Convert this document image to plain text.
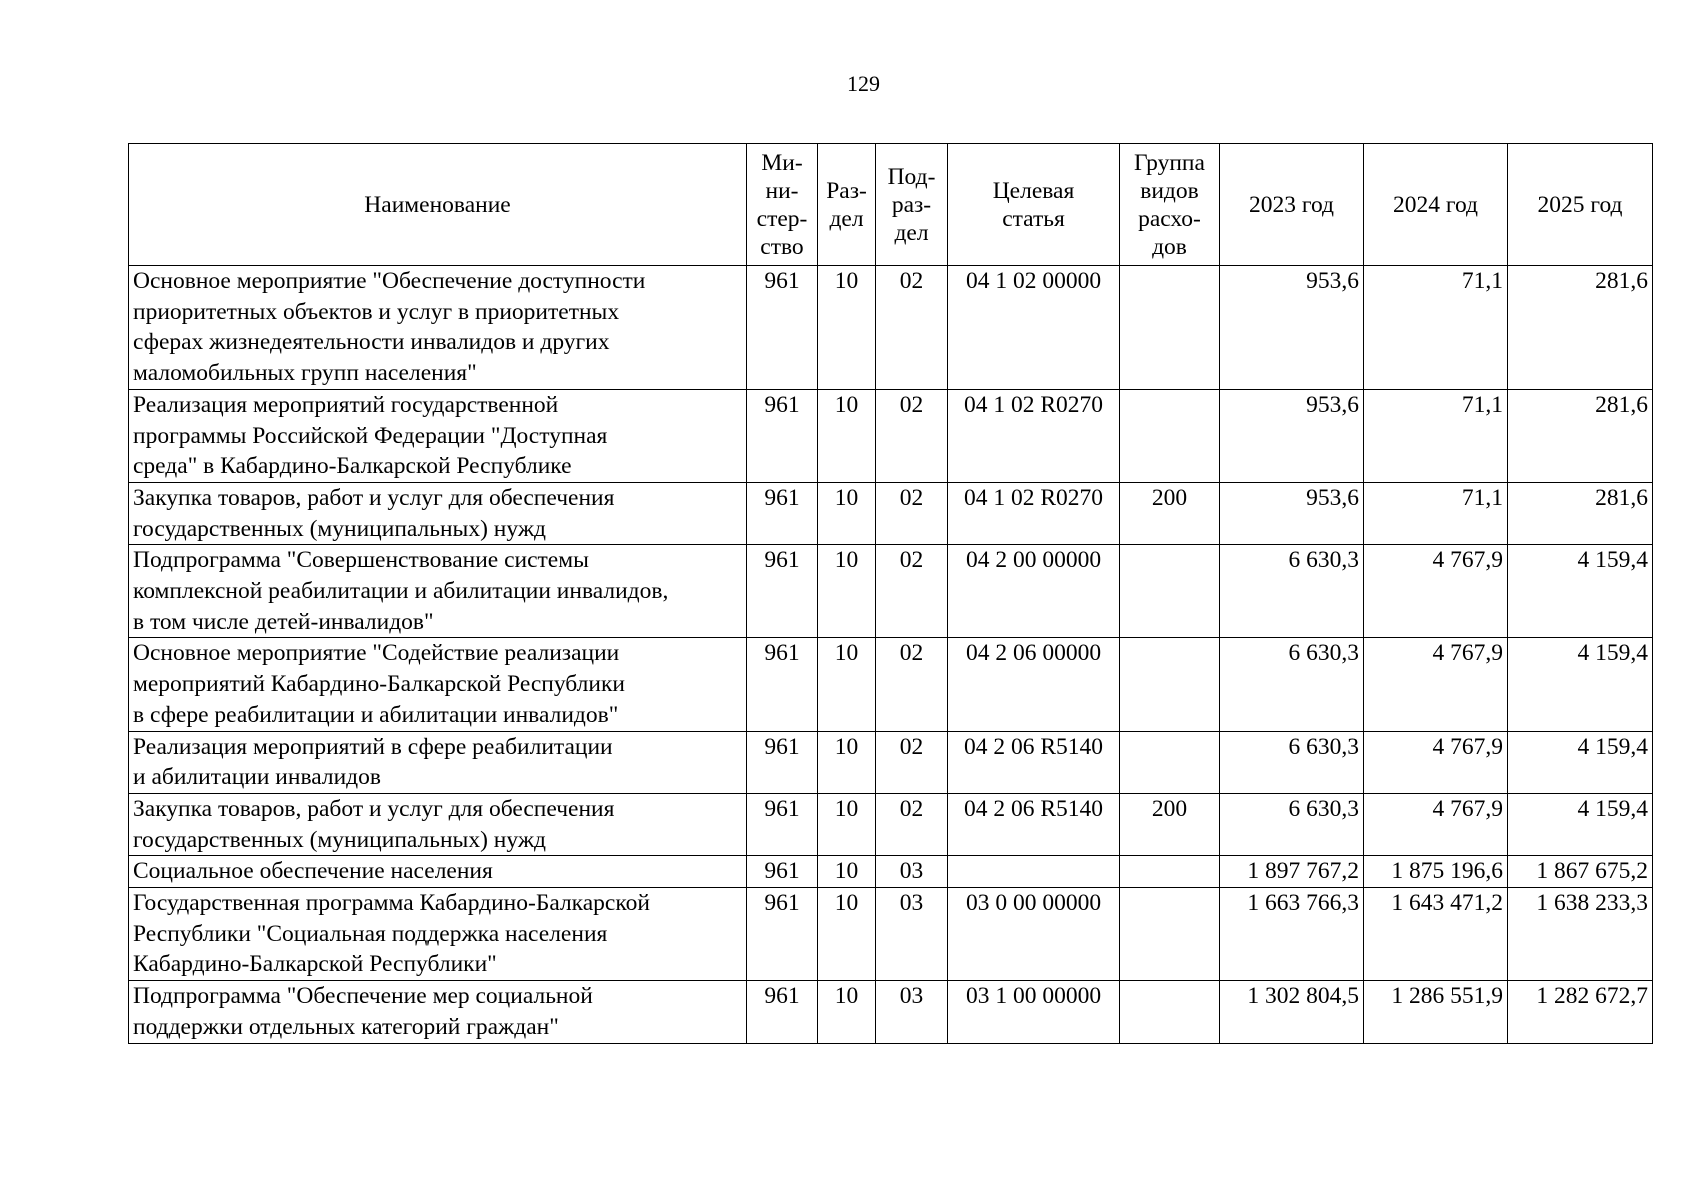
129
Наименование	Ми-
ни-
стер-
ство	Раз-
дел	Под-
раз-
дел	Целевая
статья	Группа
видов
расхо-
дов	2023 год	2024 год	2025 год

Основное мероприятие "Обеспечение доступности
приоритетных объектов и услуг в приоритетных
сферах жизнедеятельности инвалидов и других
маломобильных групп населения"	961	10	02	04 1 02 00000		953,6	71,1	281,6

Реализация мероприятий государственной
программы Российской Федерации "Доступная
среда" в Кабардино-Балкарской Республике	961	10	02	04 1 02 R0270		953,6	71,1	281,6

Закупка товаров, работ и услуг для обеспечения
государственных (муниципальных) нужд	961	10	02	04 1 02 R0270	200	953,6	71,1	281,6

Подпрограмма "Совершенствование системы
комплексной реабилитации и абилитации инвалидов,
в том числе детей-инвалидов"	961	10	02	04 2 00 00000		6 630,3	4 767,9	4 159,4

Основное мероприятие "Содействие реализации
мероприятий Кабардино-Балкарской Республики
в сфере реабилитации и абилитации инвалидов"	961	10	02	04 2 06 00000		6 630,3	4 767,9	4 159,4

Реализация мероприятий в сфере реабилитации
и абилитации инвалидов	961	10	02	04 2 06 R5140		6 630,3	4 767,9	4 159,4

Закупка товаров, работ и услуг для обеспечения
государственных (муниципальных) нужд	961	10	02	04 2 06 R5140	200	6 630,3	4 767,9	4 159,4

Социальное обеспечение населения	961	10	03			1 897 767,2	1 875 196,6	1 867 675,2

Государственная программа Кабардино-Балкарской
Республики "Социальная поддержка населения
Кабардино-Балкарской Республики"	961	10	03	03 0 00 00000		1 663 766,3	1 643 471,2	1 638 233,3

Подпрограмма "Обеспечение мер социальной
поддержки отдельных категорий граждан"	961	10	03	03 1 00 00000		1 302 804,5	1 286 551,9	1 282 672,7
